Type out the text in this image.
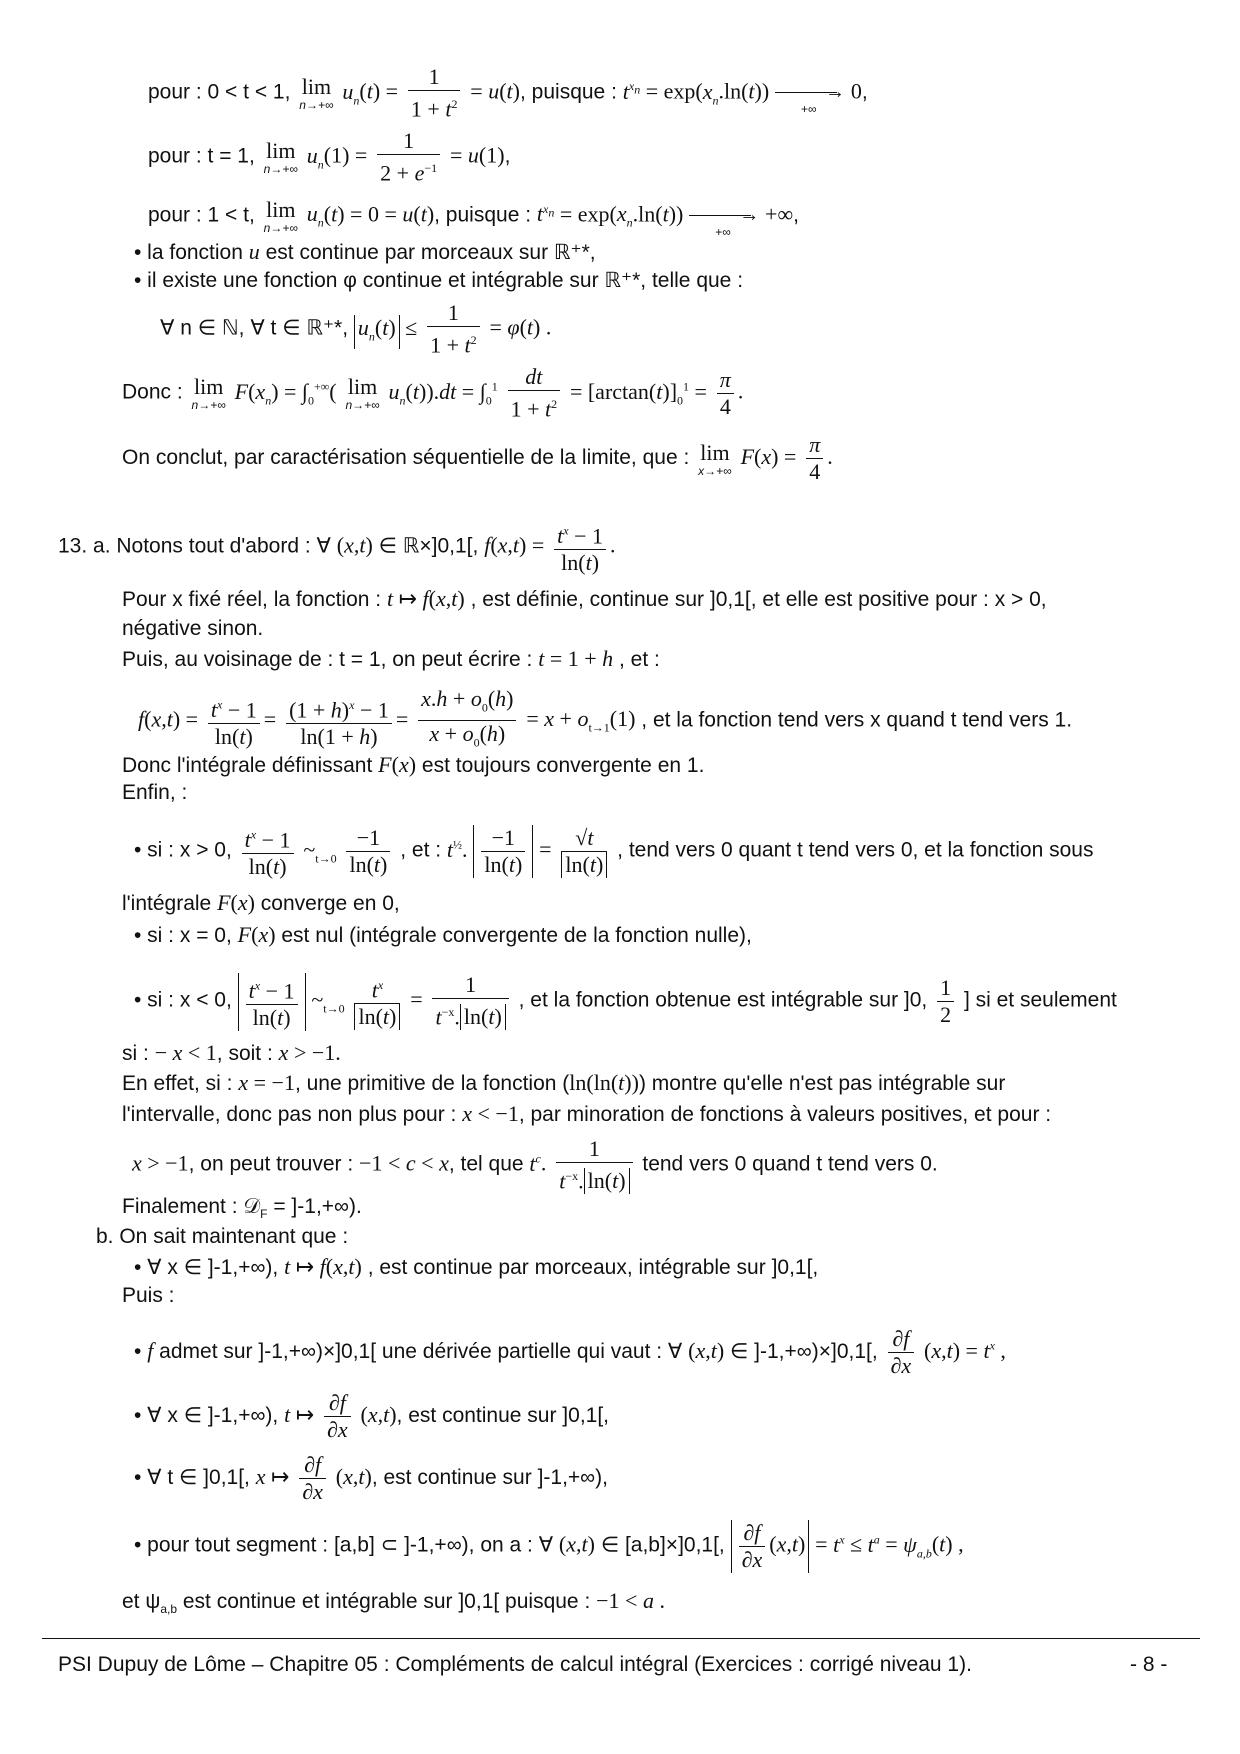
pour : 0 < t < 1, lim
n→+∞
$u_n(t) = \frac{1}{1 + t^2} = u(t)$, puisque : $t^{x_n} = \exp(x_n.\ln(t))$	→
+∞
0,
pour : t = 1, lim
n→+∞
$u_n(1) = \frac{1}{2 + e^{-1}} = u(1)$,
pour : 1 < t, lim
n→+∞
$u_n(t) = 0 = u(t)$, puisque : $t^{x_n} = \exp(x_n.\ln(t))$	→
+∞
+∞,
• la fonction u est continue par morceaux sur ℝ⁺*,
• il existe une fonction φ continue et intégrable sur ℝ⁺*, telle que :
∀ n ∈ ℕ, ∀ t ∈ ℝ⁺*, $u_n(t) \le \frac{1}{1 + t^2} = \varphi(t)$ .
Donc : lim
n→+∞
$F(x_n) = \int_0^{+\infty}$( lim
n→+∞
$u_n(t)).dt = \int_0^1 \frac{dt}{1 + t^2} = [\arctan(t)]_0^1 = \frac{\pi}{4}$ .
On conclut, par caractérisation séquentielle de la limite, que : lim
x→+∞
$F(x) = \frac{\pi}{4}$ .
13. a. Notons tout d'abord : ∀ (x,t) ∈ ℝ×]0,1[, $f(x,t) = \frac{t^x - 1}{\ln(t)}$ .
Pour x fixé réel, la fonction : t ↦ f(x,t) , est définie, continue sur ]0,1[, et elle est positive pour : x > 0,
négative sinon.
Puis, au voisinage de : t = 1, on peut écrire : t = 1 + h , et :
$f(x,t) = \frac{t^x - 1}{\ln(t)} = \frac{(1 + h)^x - 1}{\ln(1 + h)} = \frac{x.h + o_0(h)}{x + o_0(h)} = x + o_{t\to 1}(1)$ , et la fonction tend vers x quand t tend vers 1.
Donc l'intégrale définissant F(x) est toujours convergente en 1.
Enfin, :
• si : x > 0, $\frac{t^x - 1}{\ln(t)}$ $\sim_{t\to 0} \frac{-1}{\ln(t)}$ , et : $t^{\frac{1}{2}}$. $\frac{-1}{\ln(t)} = \frac{√t}{\ln(t)}$ , tend vers 0 quant t tend vers 0, et la fonction sous
l'intégrale F(x) converge en 0,
• si : x = 0, F(x) est nul (intégrale convergente de la fonction nulle),
• si : x < 0, $\frac{t^x - 1}{\ln(t)}$ $\sim_{t\to 0} \frac{t^x}{\ln(t)} = \frac{1}{t^{-x}. \ln(t)}$ , et la fonction obtenue est intégrable sur ]0, $\frac{1}{2}$ ] si et seulement
si : − x < 1, soit : x > −1.
En effet, si : x = −1, une primitive de la fonction (ln(ln(t))) montre qu'elle n'est pas intégrable sur
l'intervalle, donc pas non plus pour : x < −1, par minoration de fonctions à valeurs positives, et pour :
x > −1, on peut trouver : −1 < c < x, tel que $t^c$. $\frac{1}{t^{-x}. \ln(t)}$ tend vers 0 quand t tend vers 0.
Finalement : 𝒟$_F$ = ]-1,+∞).
b. On sait maintenant que :
• ∀ x ∈ ]-1,+∞), t ↦ f(x,t) , est continue par morceaux, intégrable sur ]0,1[,
Puis :
• f admet sur ]-1,+∞)×]0,1[ une dérivée partielle qui vaut : ∀ (x,t) ∈ ]-1,+∞)×]0,1[, $\frac{\partial f}{\partial x} (x,t) = t^x$ ,
• ∀ x ∈ ]-1,+∞), t ↦ $\frac{\partial f}{\partial x} (x,t)$, est continue sur ]0,1[,
• ∀ t ∈ ]0,1[, x ↦ $\frac{\partial f}{\partial x} (x,t)$, est continue sur ]-1,+∞),
• pour tout segment : [a,b] ⊂ ]-1,+∞), on a : ∀ (x,t) ∈ [a,b]×]0,1[, $\frac{\partial f}{\partial x} (x,t) = t^x \le t^a = \psi_{a,b}(t)$ ,
et $\psi_{a,b}$ est continue et intégrable sur ]0,1[ puisque : −1 < a .
PSI Dupuy de Lôme – Chapitre 05 : Compléments de calcul intégral (Exercices : corrigé niveau 1).	- 8 -
